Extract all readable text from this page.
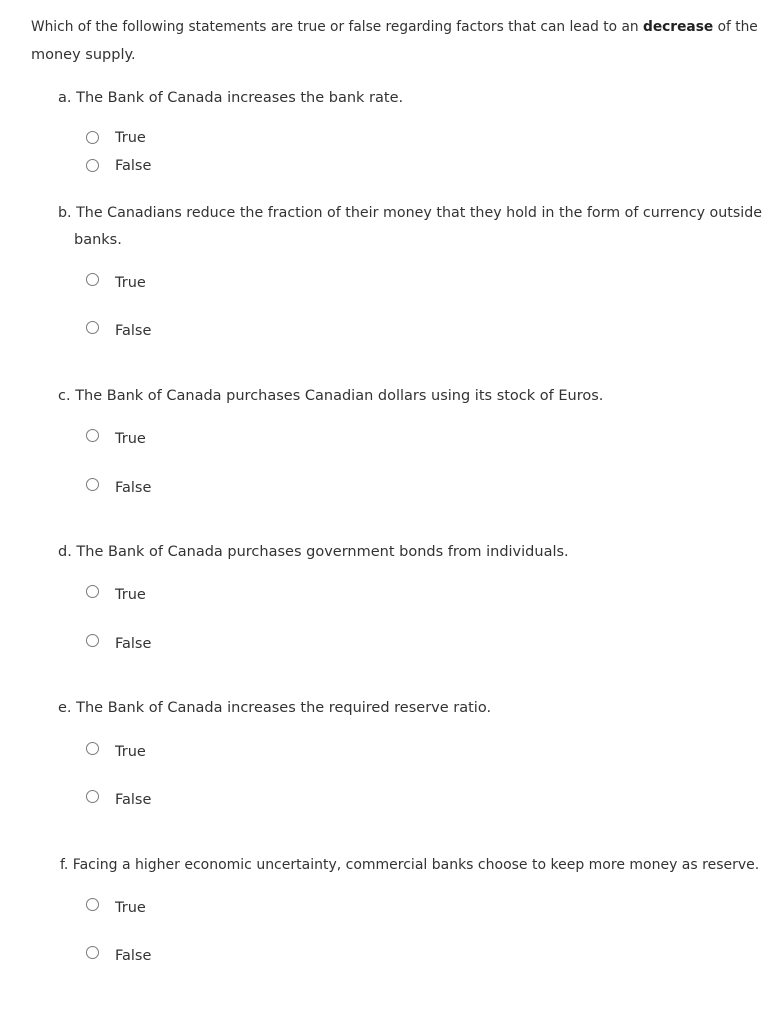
Which of the following statements are true or false regarding factors that can lead to an decrease of the
money supply.
a. The Bank of Canada increases the bank rate.
True
False
b. The Canadians reduce the fraction of their money that they hold in the form of currency outside
banks.
True
False
c. The Bank of Canada purchases Canadian dollars using its stock of Euros.
True
False
d. The Bank of Canada purchases government bonds from individuals.
True
False
e. The Bank of Canada increases the required reserve ratio.
True
False
f. Facing a higher economic uncertainty, commercial banks choose to keep more money as reserve.
True
False
